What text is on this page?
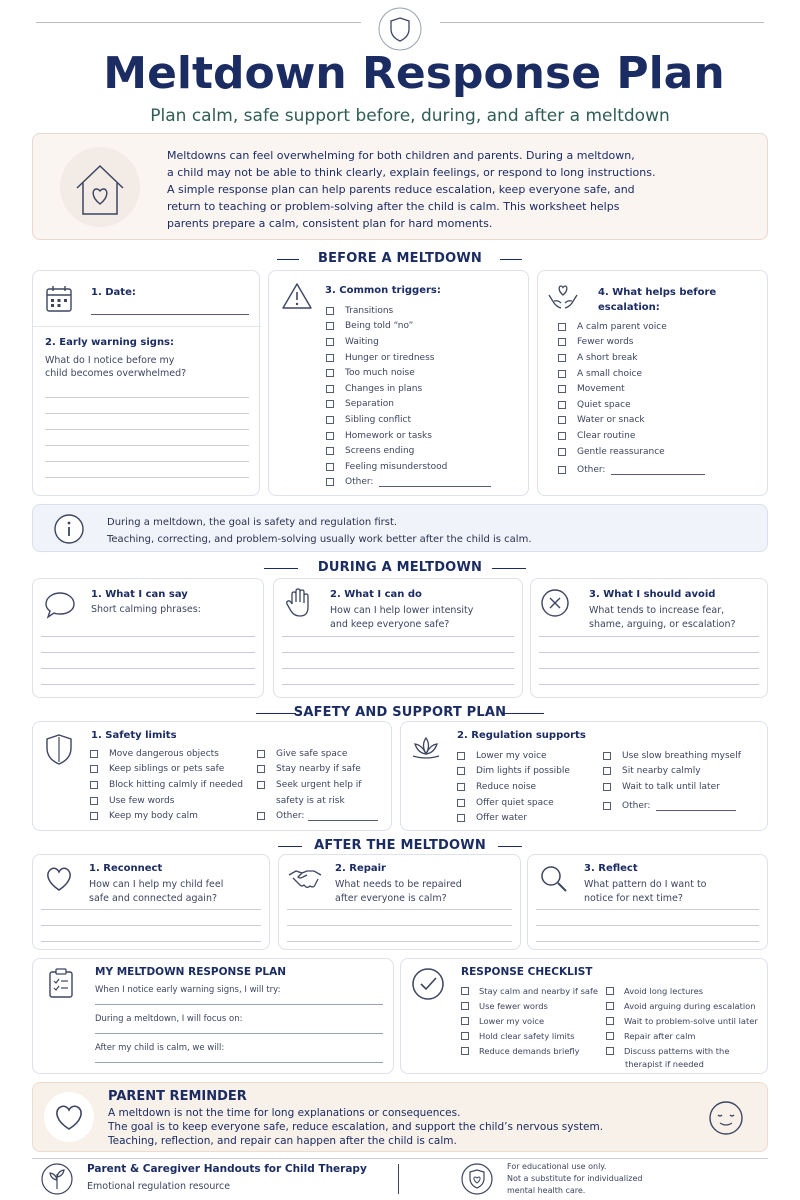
Meltdown Response Plan
Plan calm, safe support before, during, and after a meltdown
Meltdowns can feel overwhelming for both children and parents. During a meltdown,
a child may not be able to think clearly, explain feelings, or respond to long instructions.
A simple response plan can help parents reduce escalation, keep everyone safe, and
return to teaching or problem-solving after the child is calm. This worksheet helps
parents prepare a calm, consistent plan for hard moments.
BEFORE A MELTDOWN
1. Date:
2. Early warning signs:
What do I notice before my
child becomes overwhelmed?
3. Common triggers:
Transitions
Being told “no”
Waiting
Hunger or tiredness
Too much noise
Changes in plans
Separation
Sibling conflict
Homework or tasks
Screens ending
Feeling misunderstood
Other:
4. What helps before
escalation:
A calm parent voice
Fewer words
A short break
A small choice
Movement
Quiet space
Water or snack
Clear routine
Gentle reassurance
Other:
During a meltdown, the goal is safety and regulation first.
Teaching, correcting, and problem-solving usually work better after the child is calm.
DURING A MELTDOWN
1. What I can say
Short calming phrases:
2. What I can do
How can I help lower intensity
and keep everyone safe?
3. What I should avoid
What tends to increase fear,
shame, arguing, or escalation?
SAFETY AND SUPPORT PLAN
1. Safety limits
Move dangerous objects
Keep siblings or pets safe
Block hitting calmly if needed
Use few words
Keep my body calm
Give safe space
Stay nearby if safe
Seek urgent help if
safety is at risk
Other:
2. Regulation supports
Lower my voice
Dim lights if possible
Reduce noise
Offer quiet space
Offer water
Use slow breathing myself
Sit nearby calmly
Wait to talk until later
Other:
AFTER THE MELTDOWN
1. Reconnect
How can I help my child feel
safe and connected again?
2. Repair
What needs to be repaired
after everyone is calm?
3. Reflect
What pattern do I want to
notice for next time?
MY MELTDOWN RESPONSE PLAN
When I notice early warning signs, I will try:
During a meltdown, I will focus on:
After my child is calm, we will:
RESPONSE CHECKLIST
Stay calm and nearby if safe
Use fewer words
Lower my voice
Hold clear safety limits
Reduce demands briefly
Avoid long lectures
Avoid arguing during escalation
Wait to problem-solve until later
Repair after calm
Discuss patterns with the
therapist if needed
PARENT REMINDER
A meltdown is not the time for long explanations or consequences.
The goal is to keep everyone safe, reduce escalation, and support the child’s nervous system.
Teaching, reflection, and repair can happen after the child is calm.
Parent & Caregiver Handouts for Child Therapy
Emotional regulation resource
For educational use only.
Not a substitute for individualized
mental health care.
